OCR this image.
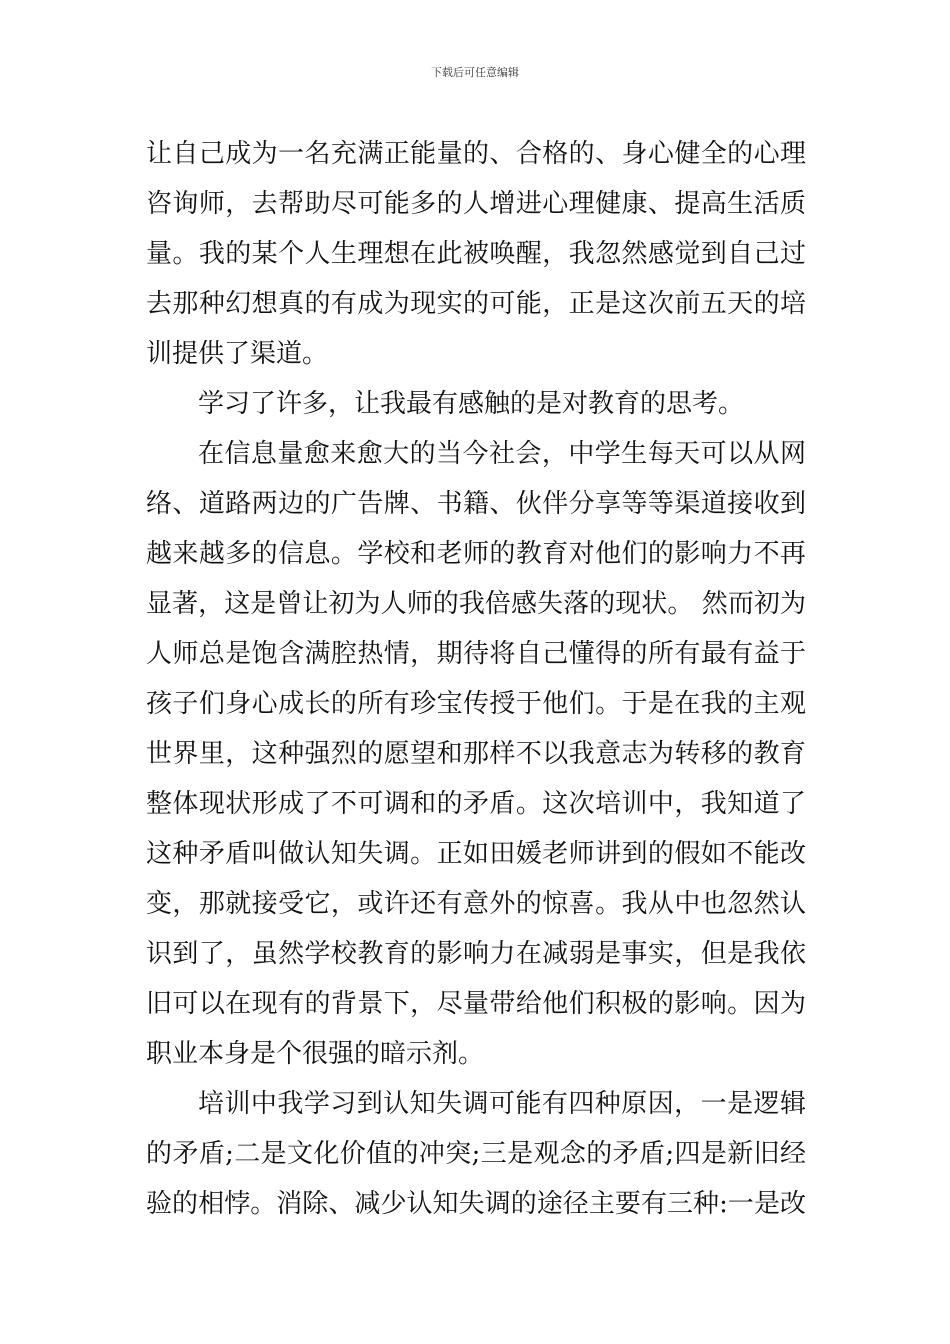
下载后可任意编辑
让自己成为一名充满正能量的、合格的、身心健全的心理
咨询师，去帮助尽可能多的人增进心理健康、提高生活质
量。我的某个人生理想在此被唤醒，我忽然感觉到自己过
去那种幻想真的有成为现实的可能，正是这次前五天的培
训提供了渠道。
学习了许多，让我最有感触的是对教育的思考。
在信息量愈来愈大的当今社会，中学生每天可以从网
络、道路两边的广告牌、书籍、伙伴分享等等渠道接收到
越来越多的信息。学校和老师的教育对他们的影响力不再
显著，这是曾让初为人师的我倍感失落的现状。 然而初为
人师总是饱含满腔热情，期待将自己懂得的所有最有益于
孩子们身心成长的所有珍宝传授于他们。于是在我的主观
世界里，这种强烈的愿望和那样不以我意志为转移的教育
整体现状形成了不可调和的矛盾。这次培训中，我知道了
这种矛盾叫做认知失调。正如田媛老师讲到的假如不能改
变，那就接受它，或许还有意外的惊喜。我从中也忽然认
识到了，虽然学校教育的影响力在减弱是事实，但是我依
旧可以在现有的背景下，尽量带给他们积极的影响。因为
职业本身是个很强的暗示剂。
培训中我学习到认知失调可能有四种原因，一是逻辑
的矛盾;二是文化价值的冲突;三是观念的矛盾;四是新旧经
验的相悖。消除、减少认知失调的途径主要有三种:一是改
